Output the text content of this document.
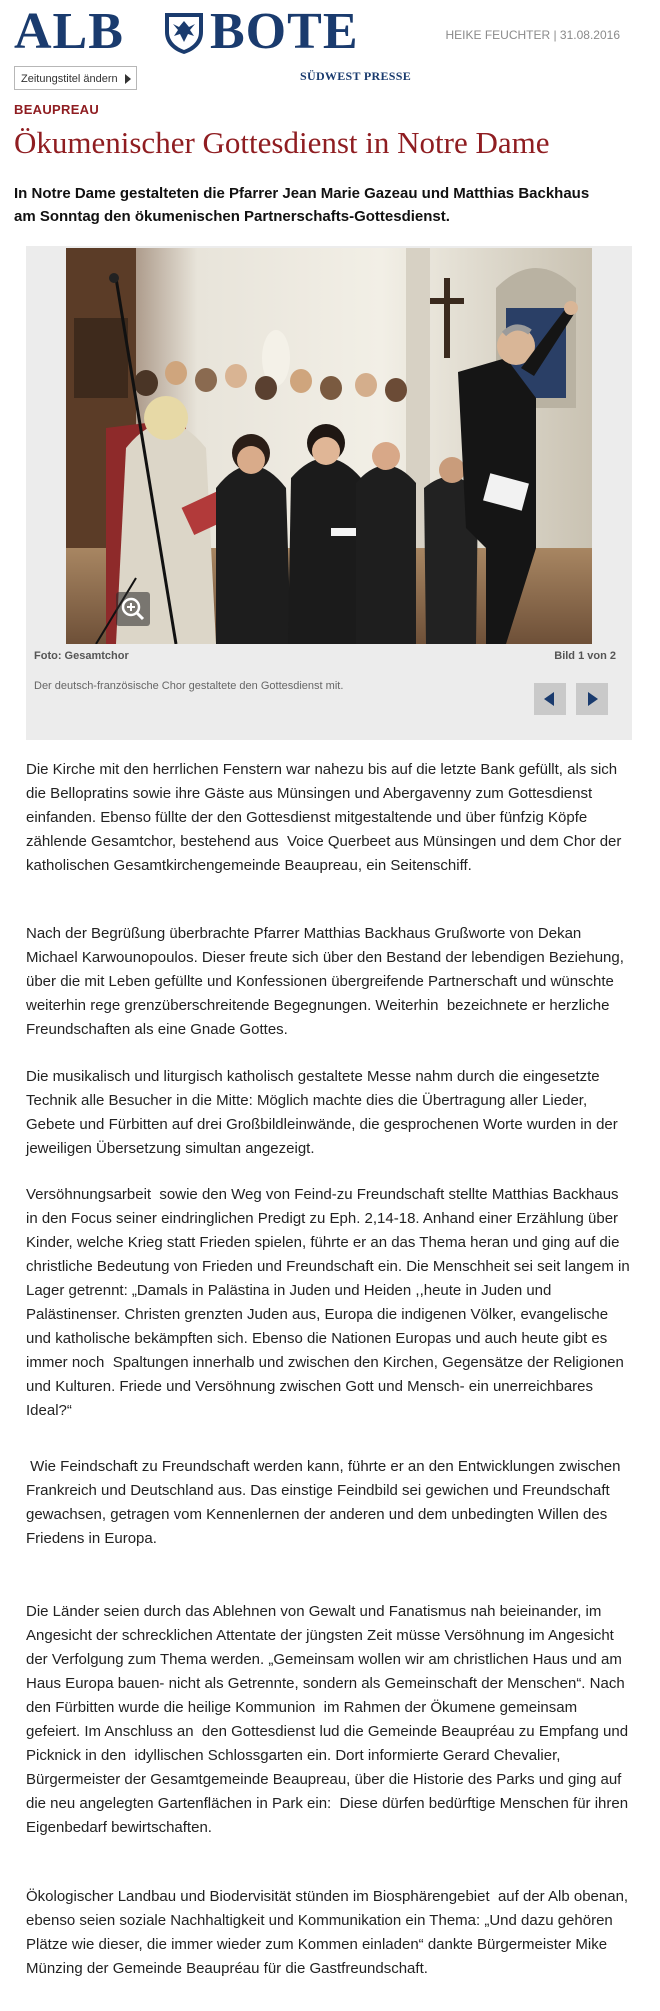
ALB BOTE
Zeitungstitel ändern	SÜDWEST PRESSE
HEIKE FEUCHTER | 31.08.2016
BEAUPREAU
Ökumenischer Gottesdienst in Notre Dame

In Notre Dame gestalteten die Pfarrer Jean Marie Gazeau und Matthias Backhaus am Sonntag den ökumenischen Partnerschafts-Gottesdienst.

Foto: Gesamtchor	Bild 1 von 2
Der deutsch-französische Chor gestaltete den Gottesdienst mit.

Die Kirche mit den herrlichen Fenstern war nahezu bis auf die letzte Bank gefüllt, als sich die Bellopratins sowie ihre Gäste aus Münsingen und Abergavenny zum Gottesdienst einfanden. Ebenso füllte der den Gottesdienst mitgestaltende und über fünfzig Köpfe zählende Gesamtchor, bestehend aus  Voice Querbeet aus Münsingen und dem Chor der katholischen Gesamtkirchengemeinde Beaupreau, ein Seitenschiff.

Nach der Begrüßung überbrachte Pfarrer Matthias Backhaus Grußworte von Dekan Michael Karwounopoulos. Dieser freute sich über den Bestand der lebendigen Beziehung, über die mit Leben gefüllte und Konfessionen übergreifende Partnerschaft und wünschte weiterhin rege grenzüberschreitende Begegnungen. Weiterhin  bezeichnete er herzliche Freundschaften als eine Gnade Gottes.

Die musikalisch und liturgisch katholisch gestaltete Messe nahm durch die eingesetzte Technik alle Besucher in die Mitte: Möglich machte dies die Übertragung aller Lieder, Gebete und Fürbitten auf drei Großbildleinwände, die gesprochenen Worte wurden in der jeweiligen Übersetzung simultan angezeigt.

Versöhnungsarbeit  sowie den Weg von Feind-zu Freundschaft stellte Matthias Backhaus in den Focus seiner eindringlichen Predigt zu Eph. 2,14-18. Anhand einer Erzählung über Kinder, welche Krieg statt Frieden spielen, führte er an das Thema heran und ging auf die christliche Bedeutung von Frieden und Freundschaft ein. Die Menschheit sei seit langem in Lager getrennt: „Damals in Palästina in Juden und Heiden ,,heute in Juden und Palästinenser. Christen grenzten Juden aus, Europa die indigenen Völker, evangelische und katholische bekämpften sich. Ebenso die Nationen Europas und auch heute gibt es  immer noch  Spaltungen innerhalb und zwischen den Kirchen, Gegensätze der Religionen und Kulturen. Friede und Versöhnung zwischen Gott und Mensch- ein unerreichbares  Ideal?“

Wie Feindschaft zu Freundschaft werden kann, führte er an den Entwicklungen zwischen Frankreich und Deutschland aus. Das einstige Feindbild sei gewichen und Freundschaft gewachsen, getragen vom Kennenlernen der anderen und dem unbedingten Willen des Friedens in Europa.

Die Länder seien durch das Ablehnen von Gewalt und Fanatismus nah beieinander, im Angesicht der schrecklichen Attentate der jüngsten Zeit müsse Versöhnung im Angesicht der Verfolgung zum Thema werden. „Gemeinsam wollen wir am christlichen Haus und am Haus Europa bauen- nicht als Getrennte, sondern als Gemeinschaft der Menschen“. Nach den Fürbitten wurde die heilige Kommunion  im Rahmen der Ökumene gemeinsam gefeiert. Im Anschluss an  den Gottesdienst lud die Gemeinde Beaupréau zu Empfang und Picknick in den  idyllischen Schlossgarten ein. Dort informierte Gerard Chevalier, Bürgermeister der Gesamtgemeinde Beaupreau, über die Historie des Parks und ging auf die neu angelegten Gartenflächen in Park ein:  Diese dürfen bedürftige Menschen für ihren Eigenbedarf bewirtschaften.

Ökologischer Landbau und Biodervisität stünden im Biosphärengebiet  auf der Alb obenan,  ebenso seien soziale Nachhaltigkeit und Kommunikation ein Thema: „Und dazu gehören Plätze wie dieser, die immer wieder zum Kommen einladen“ dankte Bürgermeister Mike Münzing der Gemeinde Beaupréau für die Gastfreundschaft.
